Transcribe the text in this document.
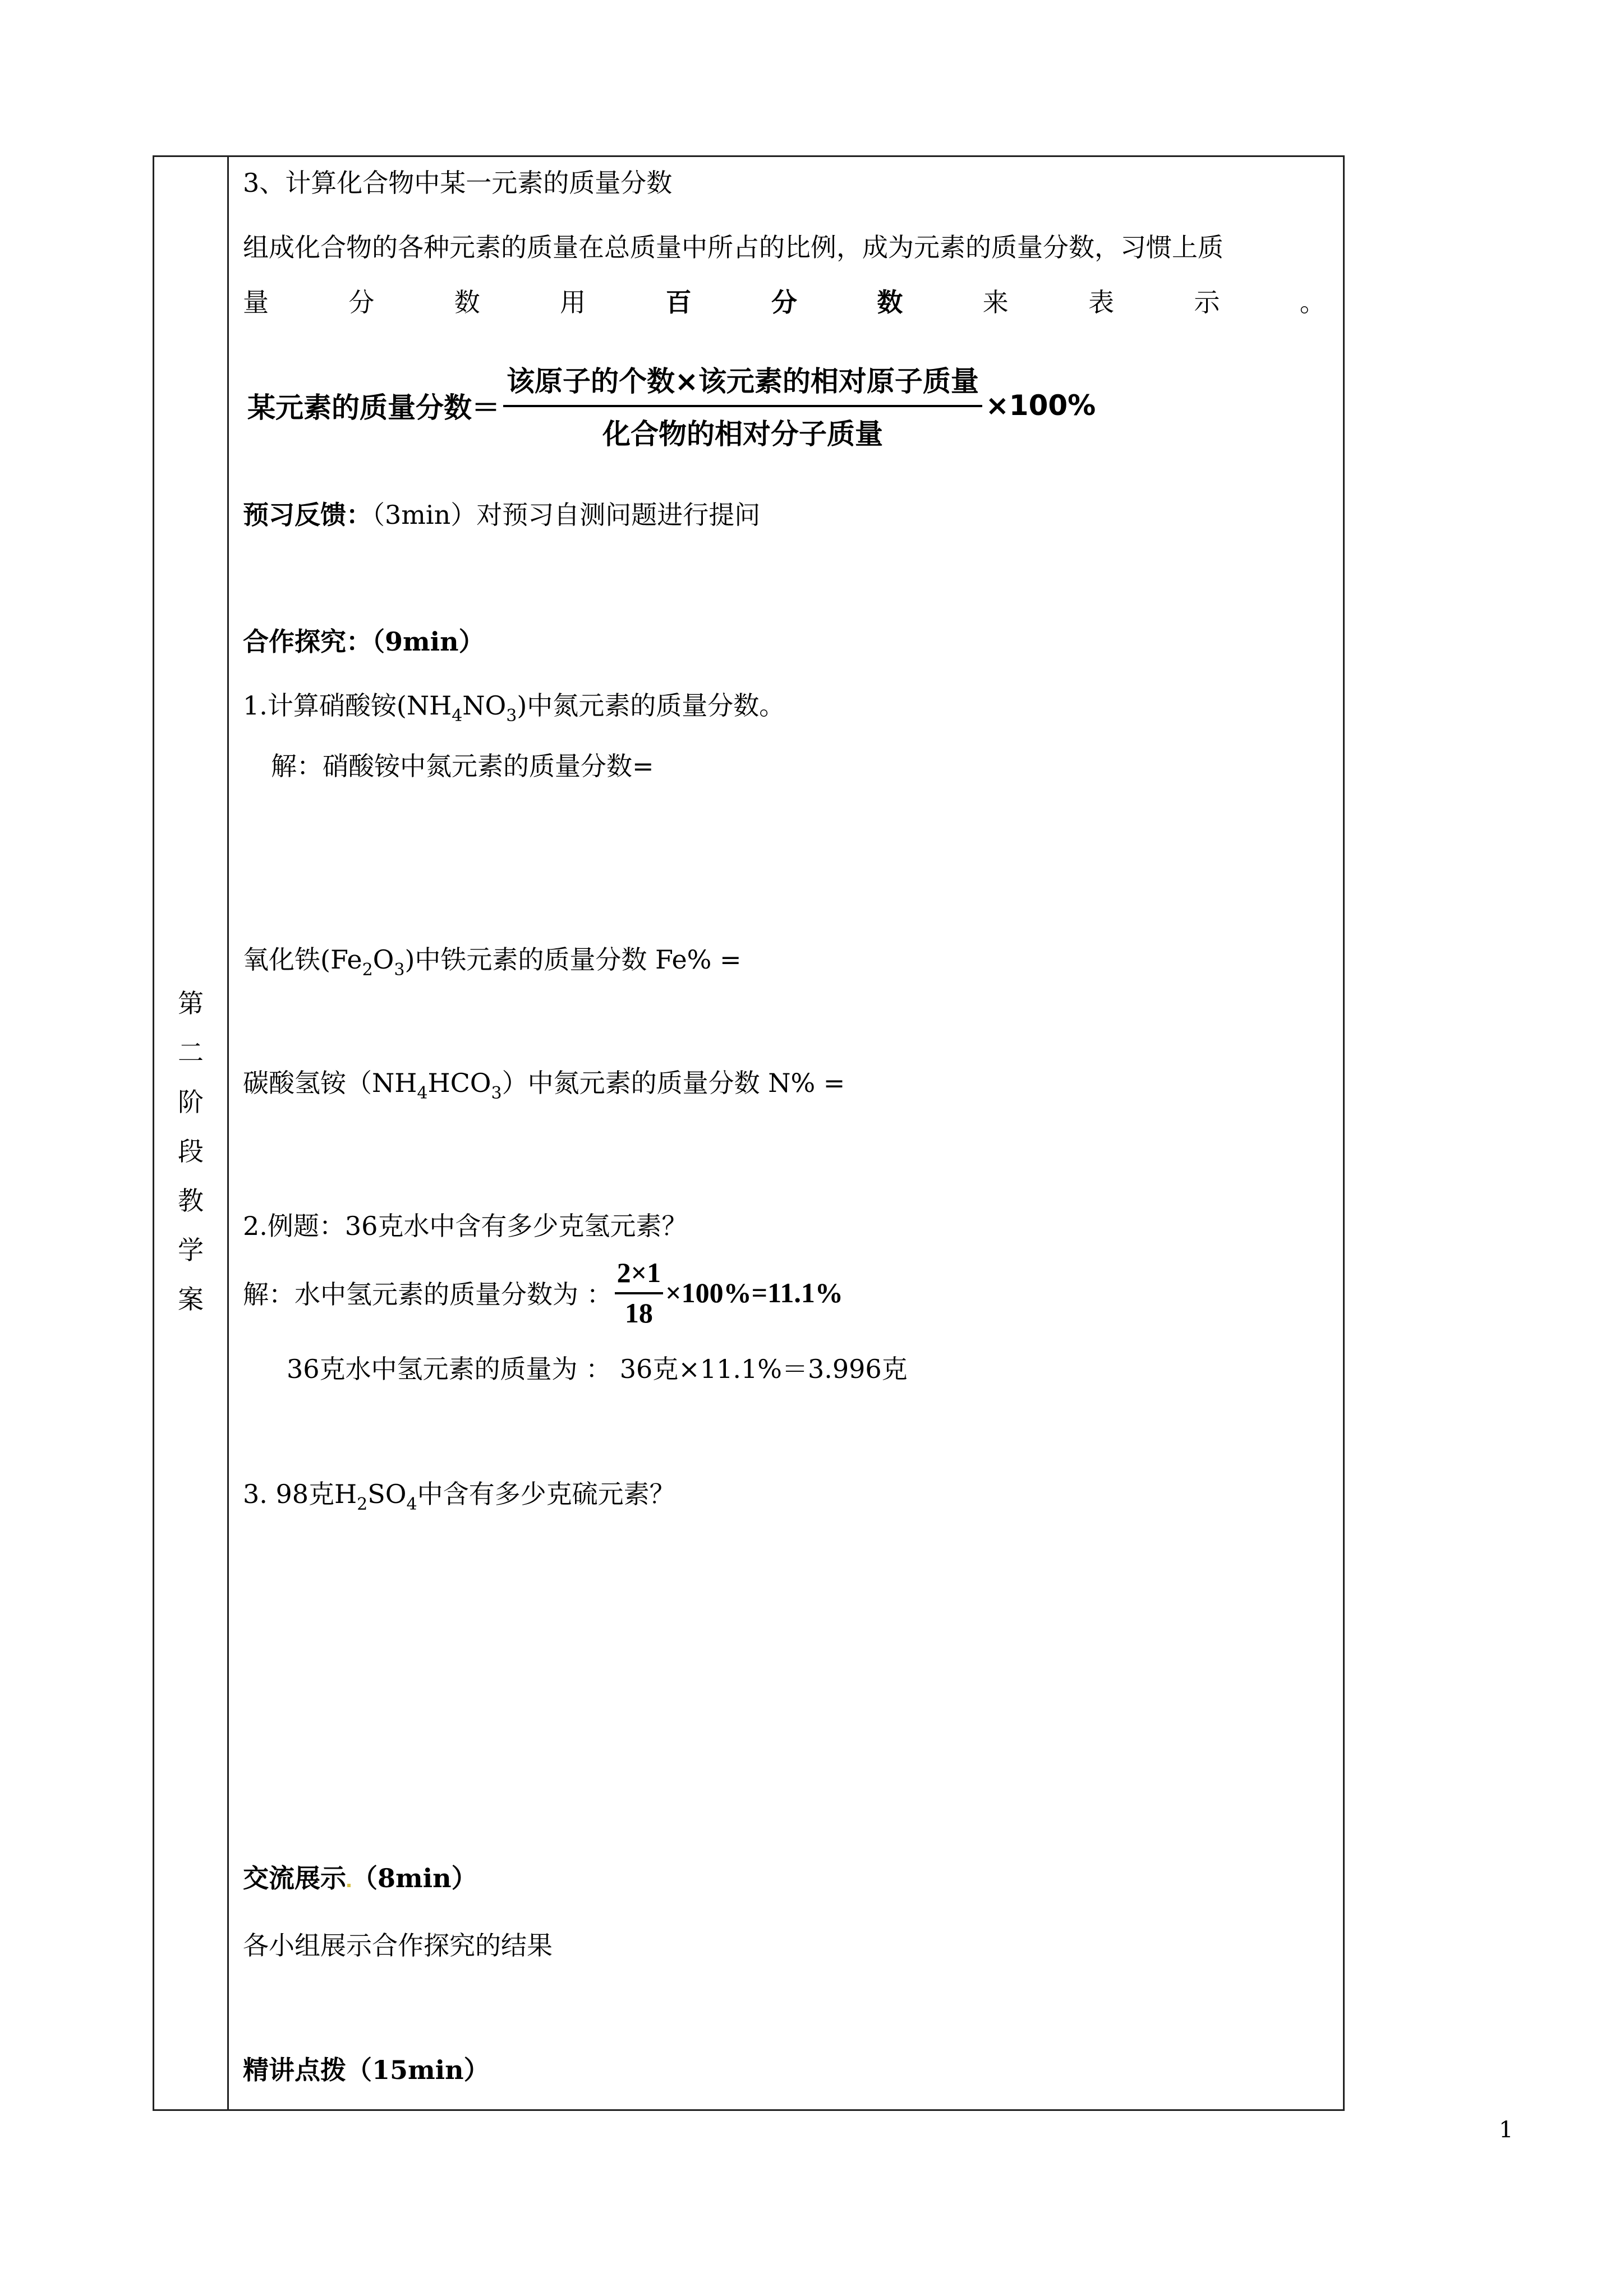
第
二
阶
段
教
学
案
3、计算化合物中某一元素的质量分数
组成化合物的各种元素的质量在总质量中所占的比例，成为元素的质量分数，习惯上质
量	分	数	用	百	分	数	来	表	示	。
某元素的质量分数＝ $\frac{\text{该原子的个数×该元素的相对原子质量}}{\text{化合物的相对分子质量}} \times 100\%$
预习反馈：（3min）对预习自测问题进行提问
合作探究：（9min）
1.计算硝酸铵$(NH_4NO_3)$中氮元素的质量分数。
解：硝酸铵中氮元素的质量分数=
氧化铁$(Fe_2O_3)$中铁元素的质量分数 Fe% =
碳酸氢铵$(NH_4HCO_3)$中氮元素的质量分数 N% =
2.例题：36克水中含有多少克氢元素？
解：水中氢元素的质量分数为 ： $\frac{2\times 1}{18} \times 100\%=11.1\%$
36克水中氢元素的质量为 ： 36克×11.1%＝3.996克
3. 98克$H_2SO_4$中含有多少克硫元素？
交流展示 （8min）
各小组展示合作探究的结果
精讲点拨（15min）
1
